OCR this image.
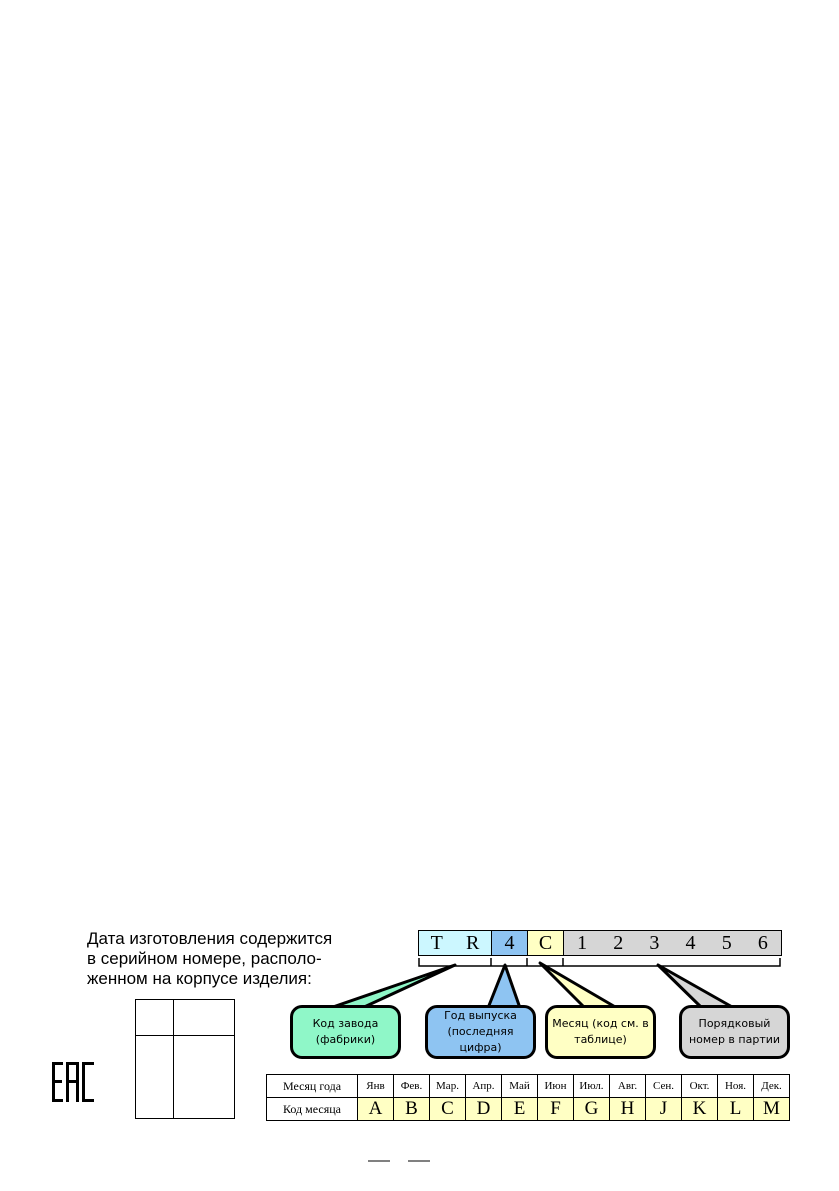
Дата изготовления содержится
в серийном номере, располо-
женном на корпусе изделия:
T R 4 C 1 2 3 4 5 6
Код завода (фабрики)
Год выпуска (последняя цифра)
Месяц (код см. в таблице)
Порядковый номер в партии
Месяц года	Янв	Фев.	Мар.	Апр.	Май	Июн	Июл.	Авг.	Сен.	Окт.	Ноя.	Дек.
Код месяца	A	B	C	D	E	F	G	H	J	K	L	M
